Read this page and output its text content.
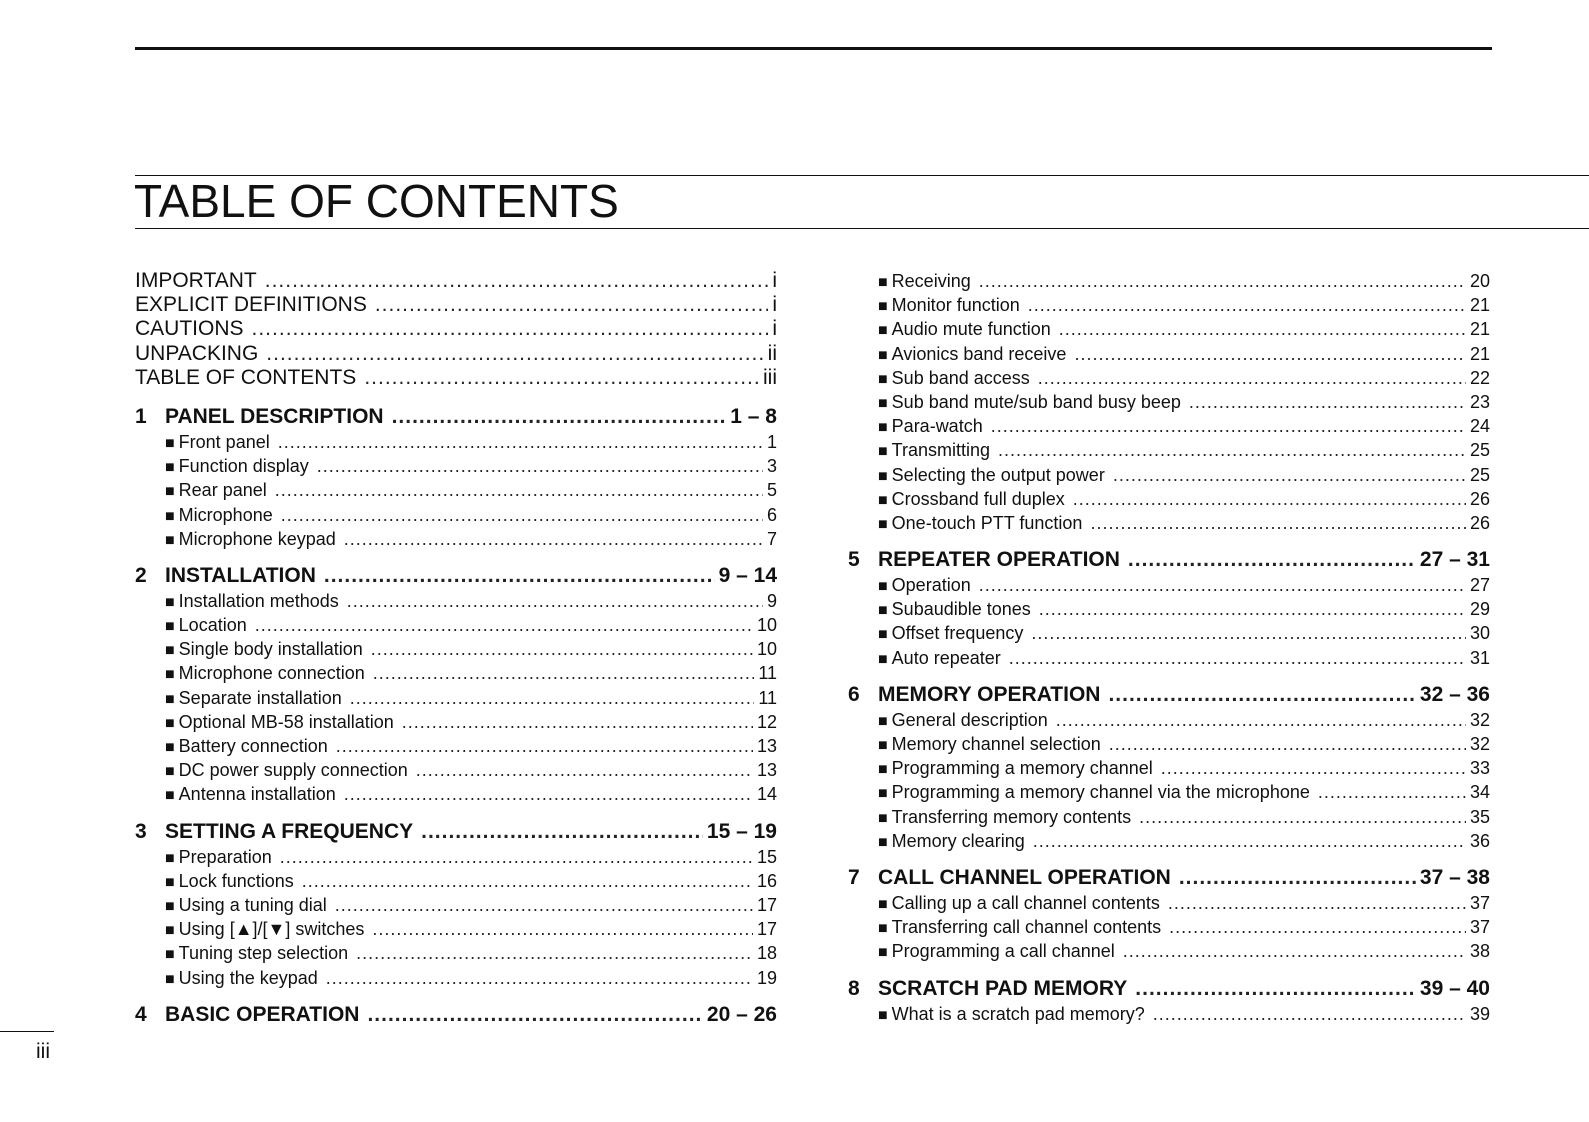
TABLE OF CONTENTS
IMPORTANT .....	i
EXPLICIT DEFINITIONS .....	i
CAUTIONS .....	i
UNPACKING .....	ii
TABLE OF CONTENTS .....	iii
1 PANEL DESCRIPTION .....	1 – 8
■ Front panel .....	1
■ Function display .....	3
■ Rear panel .....	5
■ Microphone .....	6
■ Microphone keypad .....	7
2 INSTALLATION .....	9 – 14
■ Installation methods .....	9
■ Location .....	10
■ Single body installation .....	10
■ Microphone connection .....	11
■ Separate installation .....	11
■ Optional MB-58 installation .....	12
■ Battery connection .....	13
■ DC power supply connection .....	13
■ Antenna installation .....	14
3 SETTING A FREQUENCY .....	15 – 19
■ Preparation .....	15
■ Lock functions .....	16
■ Using a tuning dial .....	17
■ Using [▲]/[▼] switches .....	17
■ Tuning step selection .....	18
■ Using the keypad .....	19
4 BASIC OPERATION .....	20 – 26
■ Receiving .....	20
■ Monitor function .....	21
■ Audio mute function .....	21
■ Avionics band receive .....	21
■ Sub band access .....	22
■ Sub band mute/sub band busy beep .....	23
■ Para-watch .....	24
■ Transmitting .....	25
■ Selecting the output power .....	25
■ Crossband full duplex .....	26
■ One-touch PTT function .....	26
5 REPEATER OPERATION .....	27 – 31
■ Operation .....	27
■ Subaudible tones .....	29
■ Offset frequency .....	30
■ Auto repeater .....	31
6 MEMORY OPERATION .....	32 – 36
■ General description .....	32
■ Memory channel selection .....	32
■ Programming a memory channel .....	33
■ Programming a memory channel via the microphone .....	34
■ Transferring memory contents .....	35
■ Memory clearing .....	36
7 CALL CHANNEL OPERATION .....	37 – 38
■ Calling up a call channel contents .....	37
■ Transferring call channel contents .....	37
■ Programming a call channel .....	38
8 SCRATCH PAD MEMORY .....	39 – 40
■ What is a scratch pad memory? .....	39
iii
